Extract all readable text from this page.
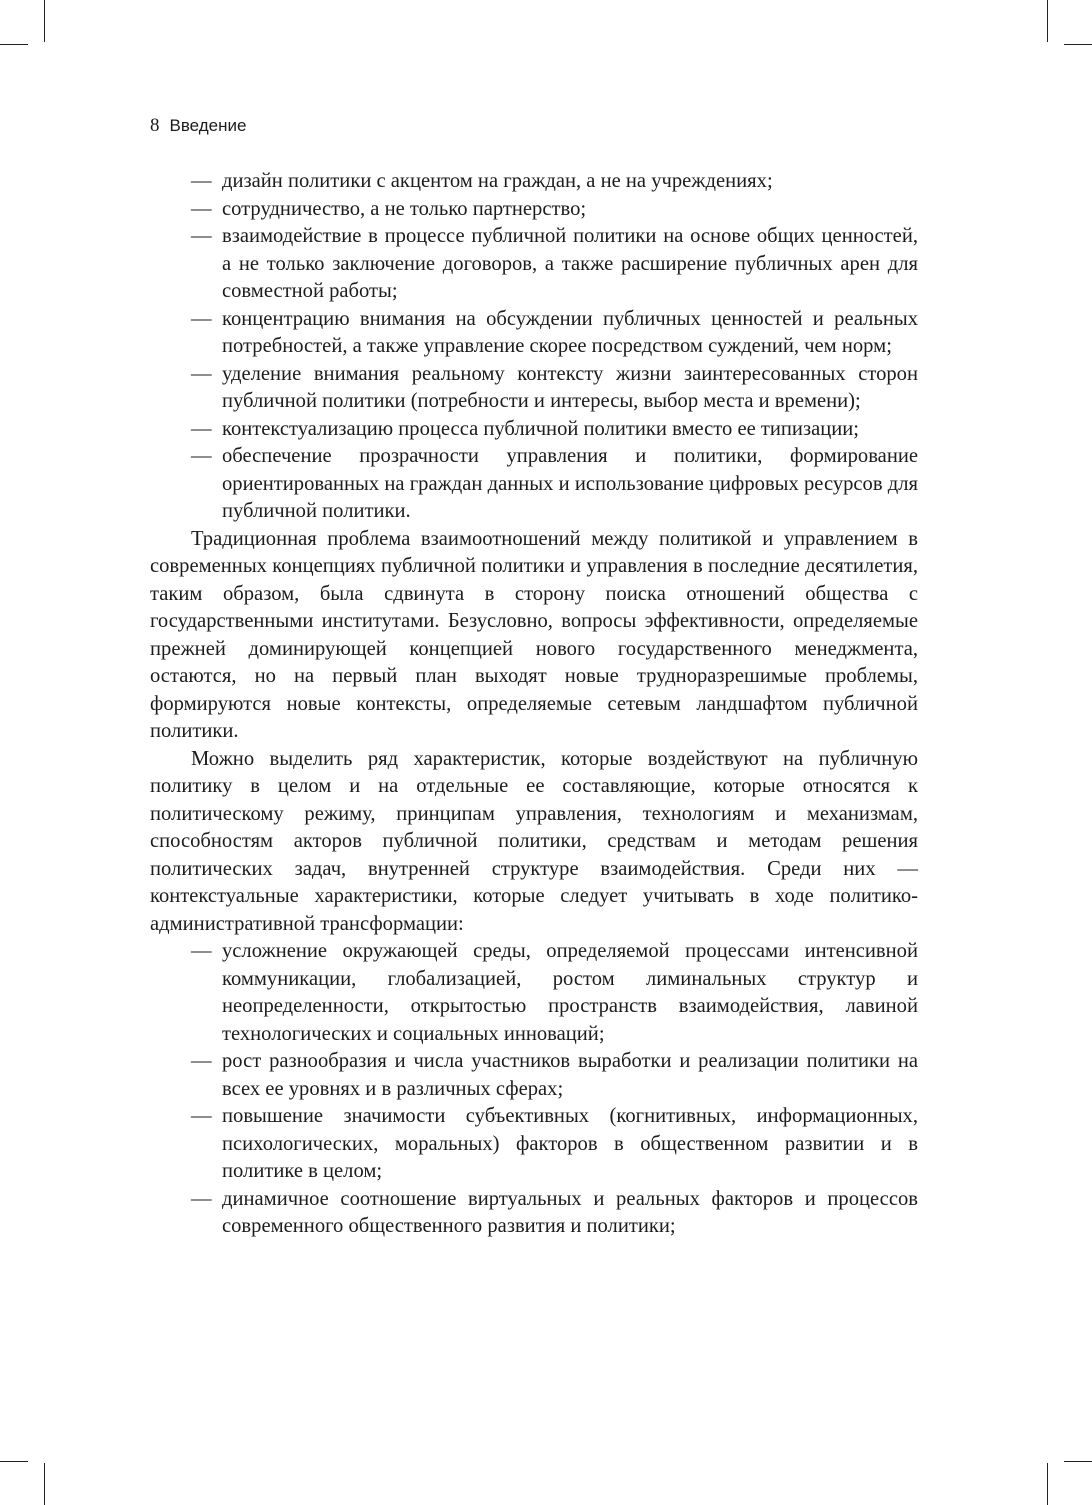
8 Введение

— дизайн политики с акцентом на граждан, а не на учреждениях;

— сотрудничество, а не только партнерство;

— взаимодействие в процессе публичной политики на основе общих ценностей, а не только заключение договоров, а также расширение публичных арен для совместной работы;

— концентрацию внимания на обсуждении публичных ценностей и реальных потребностей, а также управление скорее посредством суждений, чем норм;

— уделение внимания реальному контексту жизни заинтересованных сторон публичной политики (потребности и интересы, выбор места и времени);

— контекстуализацию процесса публичной политики вместо ее типизации;

— обеспечение прозрачности управления и политики, формирование ориентированных на граждан данных и использование цифровых ресурсов для публичной политики.

Традиционная проблема взаимоотношений между политикой и управлением в современных концепциях публичной политики и управления в последние десятилетия, таким образом, была сдвинута в сторону поиска отношений общества с государственными институтами. Безусловно, вопросы эффективности, определяемые прежней доминирующей концепцией нового государственного менеджмента, остаются, но на первый план выходят новые трудноразрешимые проблемы, формируются новые контексты, определяемые сетевым ландшафтом публичной политики.

Можно выделить ряд характеристик, которые воздействуют на публичную политику в целом и на отдельные ее составляющие, которые относятся к политическому режиму, принципам управления, технологиям и механизмам, способностям акторов публичной политики, средствам и методам решения политических задач, внутренней структуре взаимодействия. Среди них — контекстуальные характеристики, которые следует учитывать в ходе политико-административной трансформации:

— усложнение окружающей среды, определяемой процессами интенсивной коммуникации, глобализацией, ростом лиминальных структур и неопределенности, открытостью пространств взаимодействия, лавиной технологических и социальных инноваций;

— рост разнообразия и числа участников выработки и реализации политики на всех ее уровнях и в различных сферах;

— повышение значимости субъективных (когнитивных, информационных, психологических, моральных) факторов в общественном развитии и в политике в целом;

— динамичное соотношение виртуальных и реальных факторов и процессов современного общественного развития и политики;
